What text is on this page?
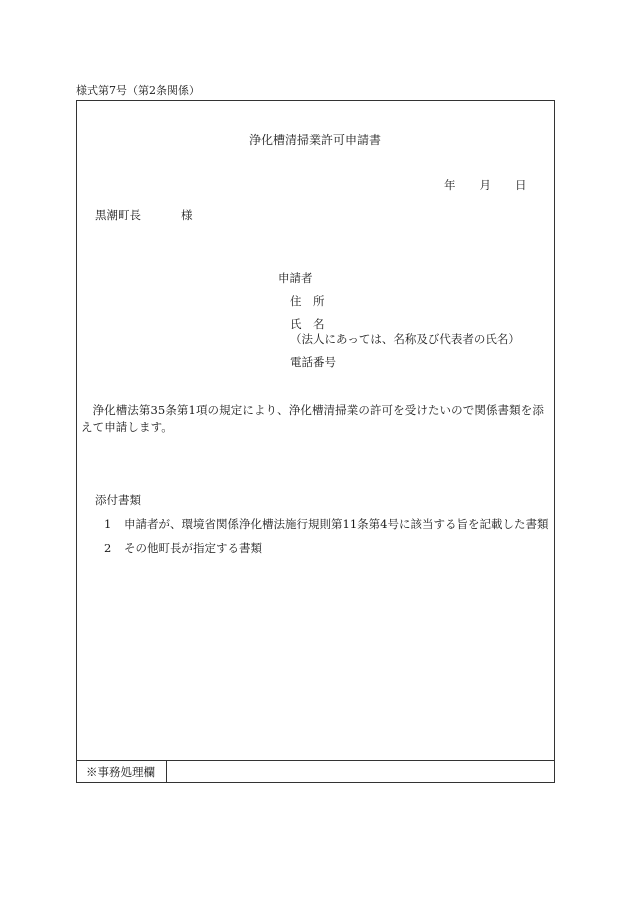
様式第7号（第2条関係）
浄化槽清掃業許可申請書
年 月 日
黒潮町長	様
申請者
住　所
氏　名
（法人にあっては、名称及び代表者の氏名）
電話番号
浄化槽法第35条第1項の規定により、浄化槽清掃業の許可を受けたいので関係書類を添えて申請します。
添付書類
1 申請者が、環境省関係浄化槽法施行規則第11条第4号に該当する旨を記載した書類
2 その他町長が指定する書類
※事務処理欄
